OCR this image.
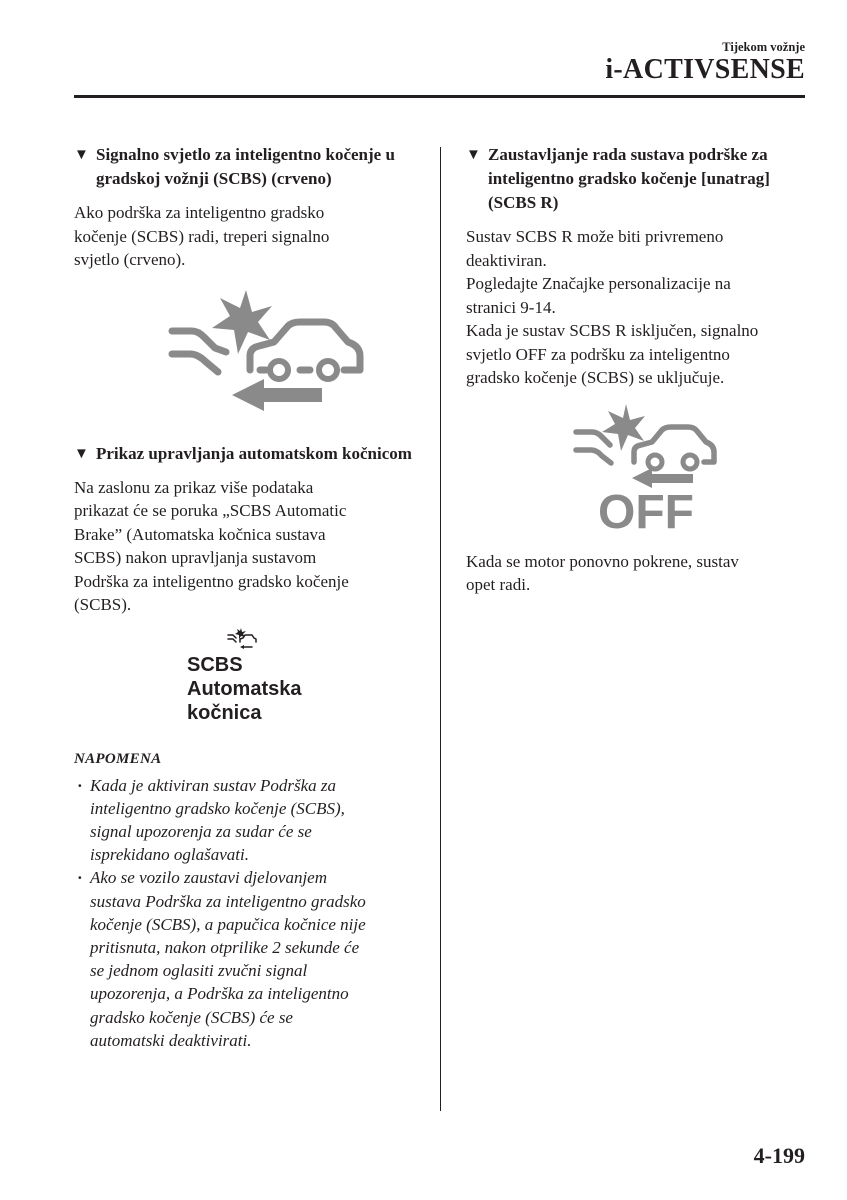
Tijekom vožnje
i-ACTIVSENSE
▼ Signalno svjetlo za inteligentno kočenje u gradskoj vožnji (SCBS) (crveno)

Ako podrška za inteligentno gradsko
kočenje (SCBS) radi, treperi signalno
svjetlo (crveno).

▼ Prikaz upravljanja automatskom kočnicom

Na zaslonu za prikaz više podataka
prikazat će se poruka „SCBS Automatic
Brake” (Automatska kočnica sustava
SCBS) nakon upravljanja sustavom
Podrška za inteligentno gradsko kočenje
(SCBS).

SCBS
Automatska
kočnica
NAPOMENA
· Kada je aktiviran sustav Podrška za
inteligentno gradsko kočenje (SCBS),
signal upozorenja za sudar će se
isprekidano oglašavati.
· Ako se vozilo zaustavi djelovanjem
sustava Podrška za inteligentno gradsko
kočenje (SCBS), a papučica kočnice nije
pritisnuta, nakon otprilike 2 sekunde će
se jednom oglasiti zvučni signal
upozorenja, a Podrška za inteligentno
gradsko kočenje (SCBS) će se
automatski deaktivirati.
▼ Zaustavljanje rada sustava podrške za inteligentno gradsko kočenje [unatrag] (SCBS R)

Sustav SCBS R može biti privremeno
deaktiviran.
Pogledajte Značajke personalizacije na
stranici 9-14.
Kada je sustav SCBS R isključen, signalno
svjetlo OFF za podršku za inteligentno
gradsko kočenje (SCBS) se uključuje.

OFF

Kada se motor ponovno pokrene, sustav
opet radi.

4-199
